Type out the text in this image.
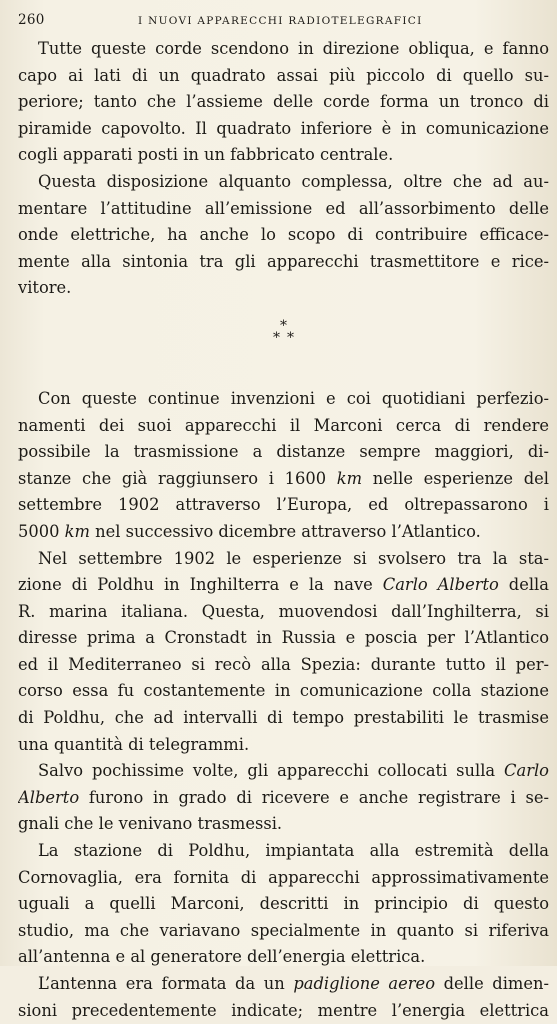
260	I NUOVI APPARECCHI RADIOTELEGRAFICI
Tutte queste corde scendono in direzione obliqua, e fanno
capo ai lati di un quadrato assai più piccolo di quello su-
periore; tanto che l’assieme delle corde forma un tronco di
piramide capovolto. Il quadrato inferiore è in comunicazione
cogli apparati posti in un fabbricato centrale.
Questa disposizione alquanto complessa, oltre che ad au-
mentare l’attitudine all’emissione ed all’assorbimento delle
onde elettriche, ha anche lo scopo di contribuire efficace-
mente alla sintonia tra gli apparecchi trasmettitore e rice-
vitore.
*
* *
Con queste continue invenzioni e coi quotidiani perfezio-
namenti dei suoi apparecchi il Marconi cerca di rendere
possibile la trasmissione a distanze sempre maggiori, di-
stanze che già raggiunsero i 1600 km nelle esperienze del
settembre 1902 attraverso l’Europa, ed oltrepassarono i
5000 km nel successivo dicembre attraverso l’Atlantico.
Nel settembre 1902 le esperienze si svolsero tra la sta-
zione di Poldhu in Inghilterra e la nave Carlo Alberto della
R. marina italiana. Questa, muovendosi dall’Inghilterra, si
diresse prima a Cronstadt in Russia e poscia per l’Atlantico
ed il Mediterraneo si recò alla Spezia: durante tutto il per-
corso essa fu costantemente in comunicazione colla stazione
di Poldhu, che ad intervalli di tempo prestabiliti le trasmise
una quantità di telegrammi.
Salvo pochissime volte, gli apparecchi collocati sulla Carlo
Alberto furono in grado di ricevere e anche registrare i se-
gnali che le venivano trasmessi.
La stazione di Poldhu, impiantata alla estremità della
Cornovaglia, era fornita di apparecchi approssimativamente
uguali a quelli Marconi, descritti in principio di questo
studio, ma che variavano specialmente in quanto si riferiva
all’antenna e al generatore dell’energia elettrica.
L’antenna era formata da un padiglione aereo delle dimen-
sioni precedentemente indicate; mentre l’energia elettrica
